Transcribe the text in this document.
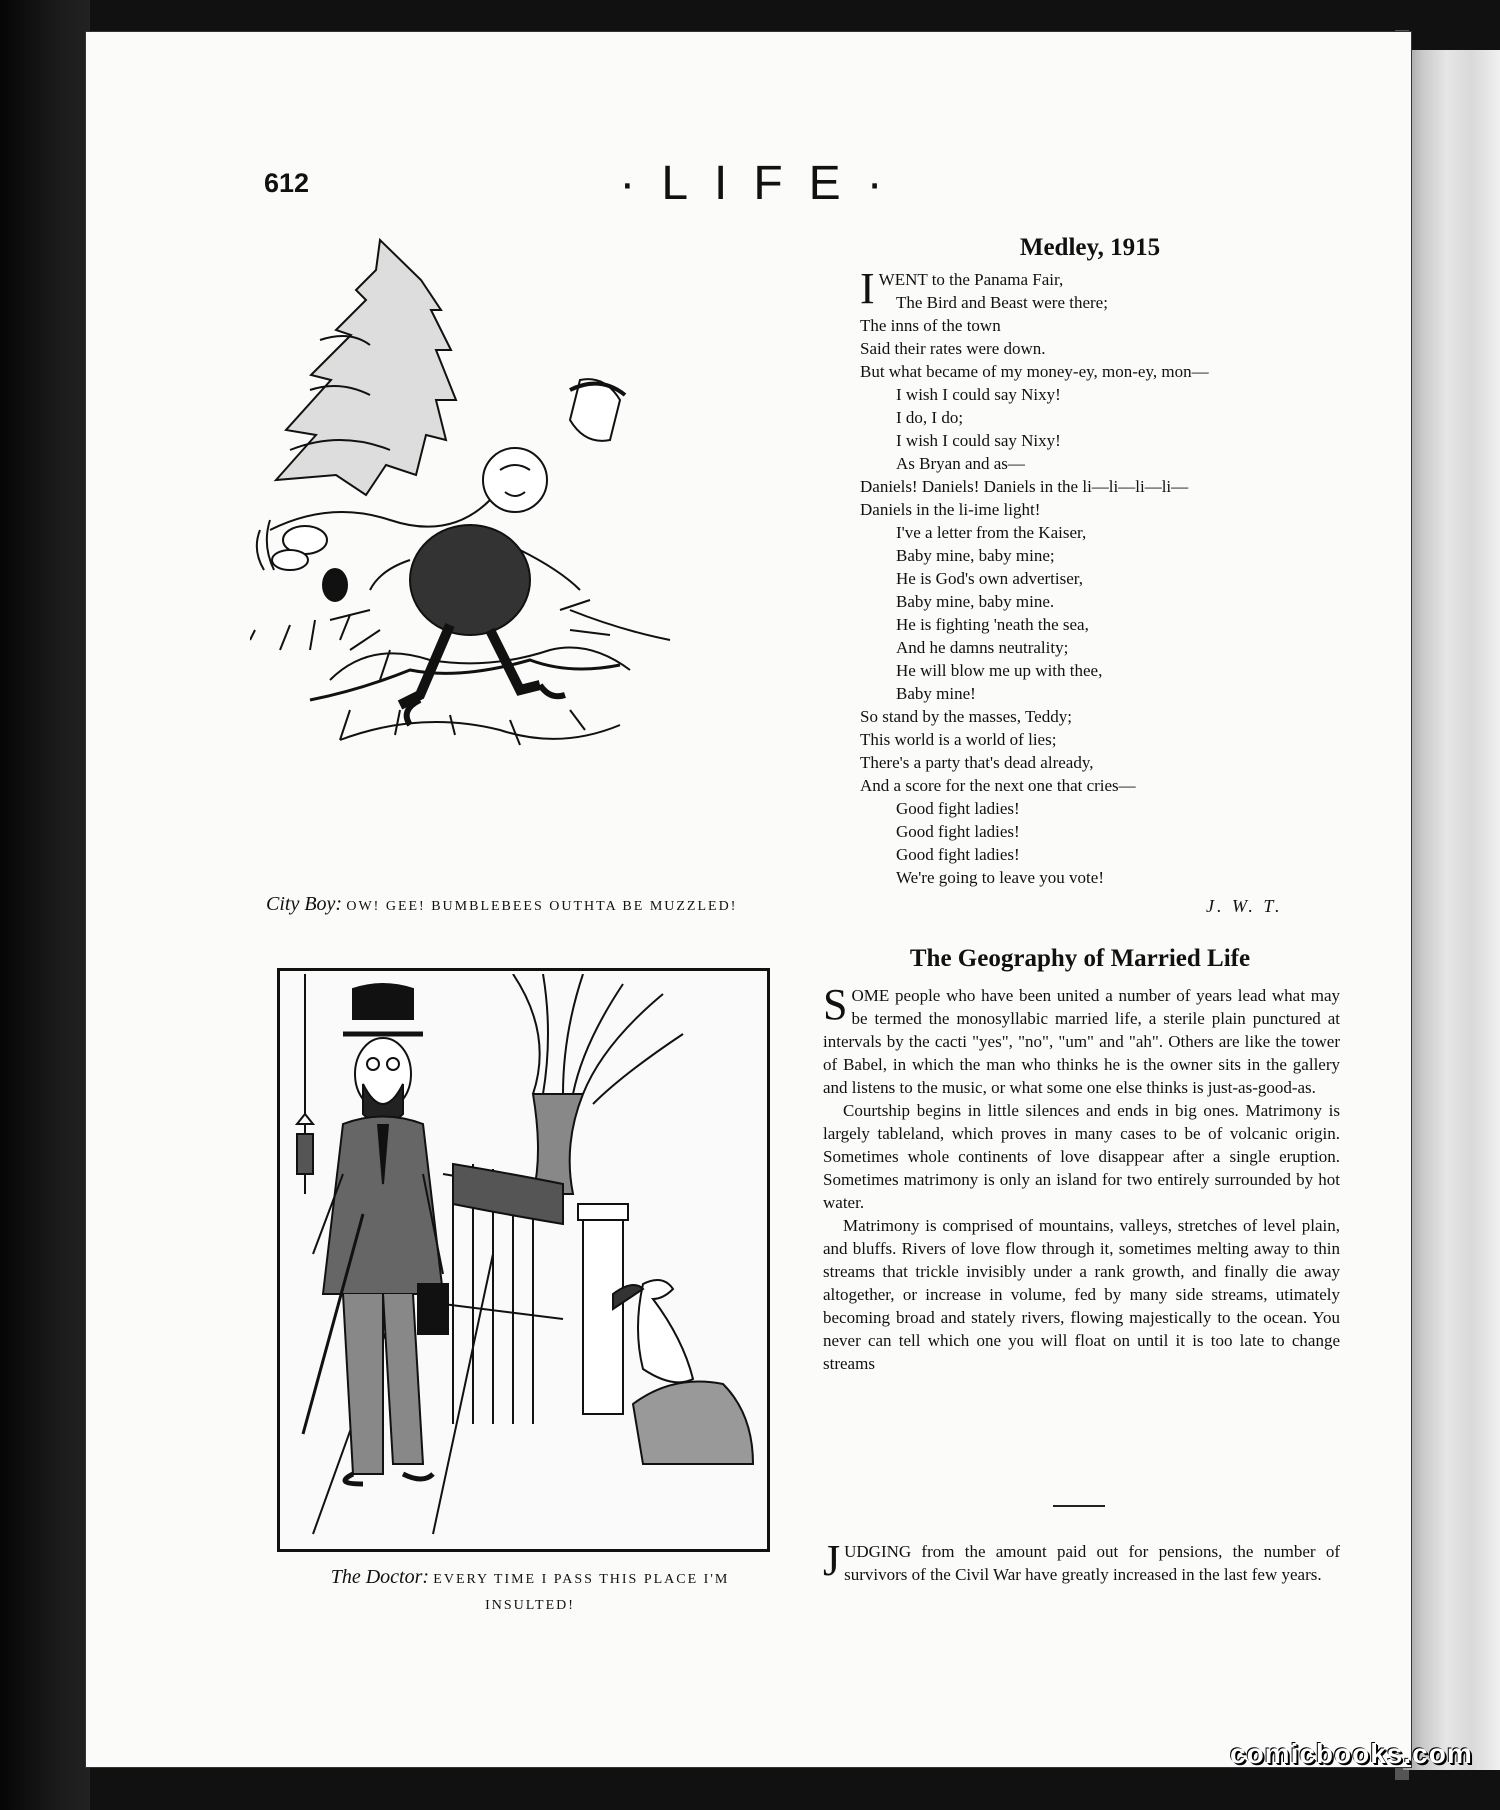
612	·LIFE·
City Boy: OW! GEE! BUMBLEBEES OUTHTA BE MUZZLED!
The Doctor: EVERY TIME I PASS THIS PLACE I'M INSULTED!
Medley, 1915
IWENT to the Panama Fair,
The Bird and Beast were there;
The inns of the town
Said their rates were down.
But what became of my money-ey, mon-ey, mon—
I wish I could say Nixy!
I do, I do;
I wish I could say Nixy!
As Bryan and as—
Daniels! Daniels! Daniels in the li—li—li—li—
Daniels in the li-ime light!
I've a letter from the Kaiser,
Baby mine, baby mine;
He is God's own advertiser,
Baby mine, baby mine.
He is fighting 'neath the sea,
And he damns neutrality;
He will blow me up with thee,
Baby mine!
So stand by the masses, Teddy;
This world is a world of lies;
There's a party that's dead already,
And a score for the next one that cries—
Good fight ladies!
Good fight ladies!
Good fight ladies!
We're going to leave you vote!
J. W. T.
The Geography of Married Life

SOME people who have been united a number of years lead what may be termed the monosyllabic married life, a sterile plain punctured at intervals by the cacti "yes", "no", "um" and "ah". Others are like the tower of Babel, in which the man who thinks he is the owner sits in the gallery and listens to the music, or what some one else thinks is just-as-good-as.

Courtship begins in little silences and ends in big ones. Matrimony is largely tableland, which proves in many cases to be of volcanic origin. Sometimes whole continents of love disappear after a single eruption. Sometimes matrimony is only an island for two entirely surrounded by hot water.

Matrimony is comprised of mountains, valleys, stretches of level plain, and bluffs. Rivers of love flow through it, sometimes melting away to thin streams that trickle invisibly under a rank growth, and finally die away altogether, or increase in volume, fed by many side streams, utimately becoming broad and stately rivers, flowing majestically to the ocean. You never can tell which one you will float on until it is too late to change streams

JUDGING from the amount paid out for pensions, the number of survivors of the Civil War have greatly increased in the last few years.
comicbooks.com
